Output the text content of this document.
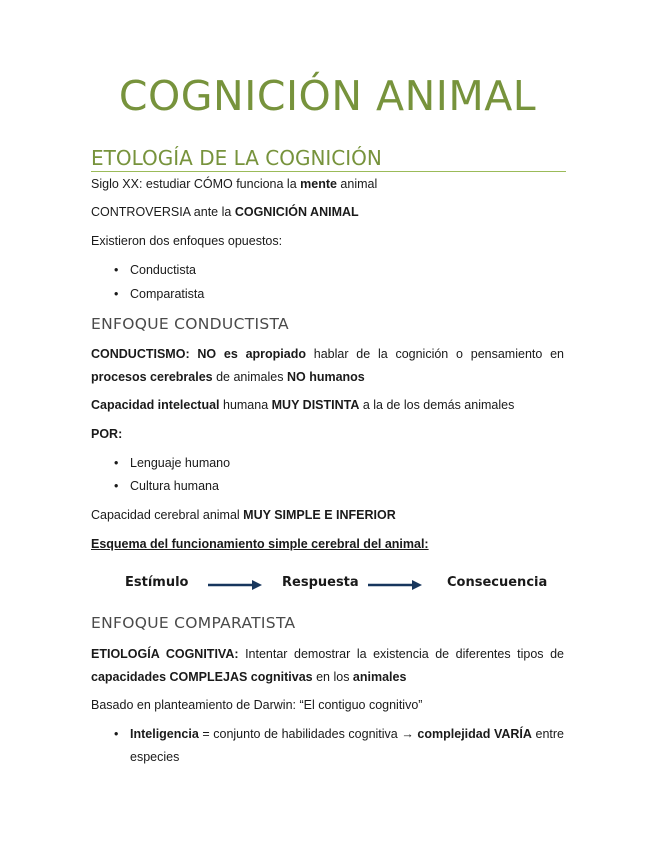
COGNICIÓN ANIMAL
ETOLOGÍA DE LA COGNICIÓN

Siglo XX: estudiar CÓMO funciona la mente animal

CONTROVERSIA ante la COGNICIÓN ANIMAL

Existieron dos enfoques opuestos:

• Conductista

• Comparatista

ENFOQUE CONDUCTISTA

CONDUCTISMO: NO es apropiado hablar de la cognición o pensamiento en procesos cerebrales de animales NO humanos

Capacidad intelectual humana MUY DISTINTA a la de los demás animales

POR:

• Lenguaje humano

• Cultura humana

Capacidad cerebral animal MUY SIMPLE E INFERIOR

Esquema del funcionamiento simple cerebral del animal:

Estímulo	Respuesta	Consecuencia
ENFOQUE COMPARATISTA

ETIOLOGÍA COGNITIVA: Intentar demostrar la existencia de diferentes tipos de capacidades COMPLEJAS cognitivas en los animales

Basado en planteamiento de Darwin: “El contiguo cognitivo”

• Inteligencia = conjunto de habilidades cognitiva → complejidad VARÍA entre especies
